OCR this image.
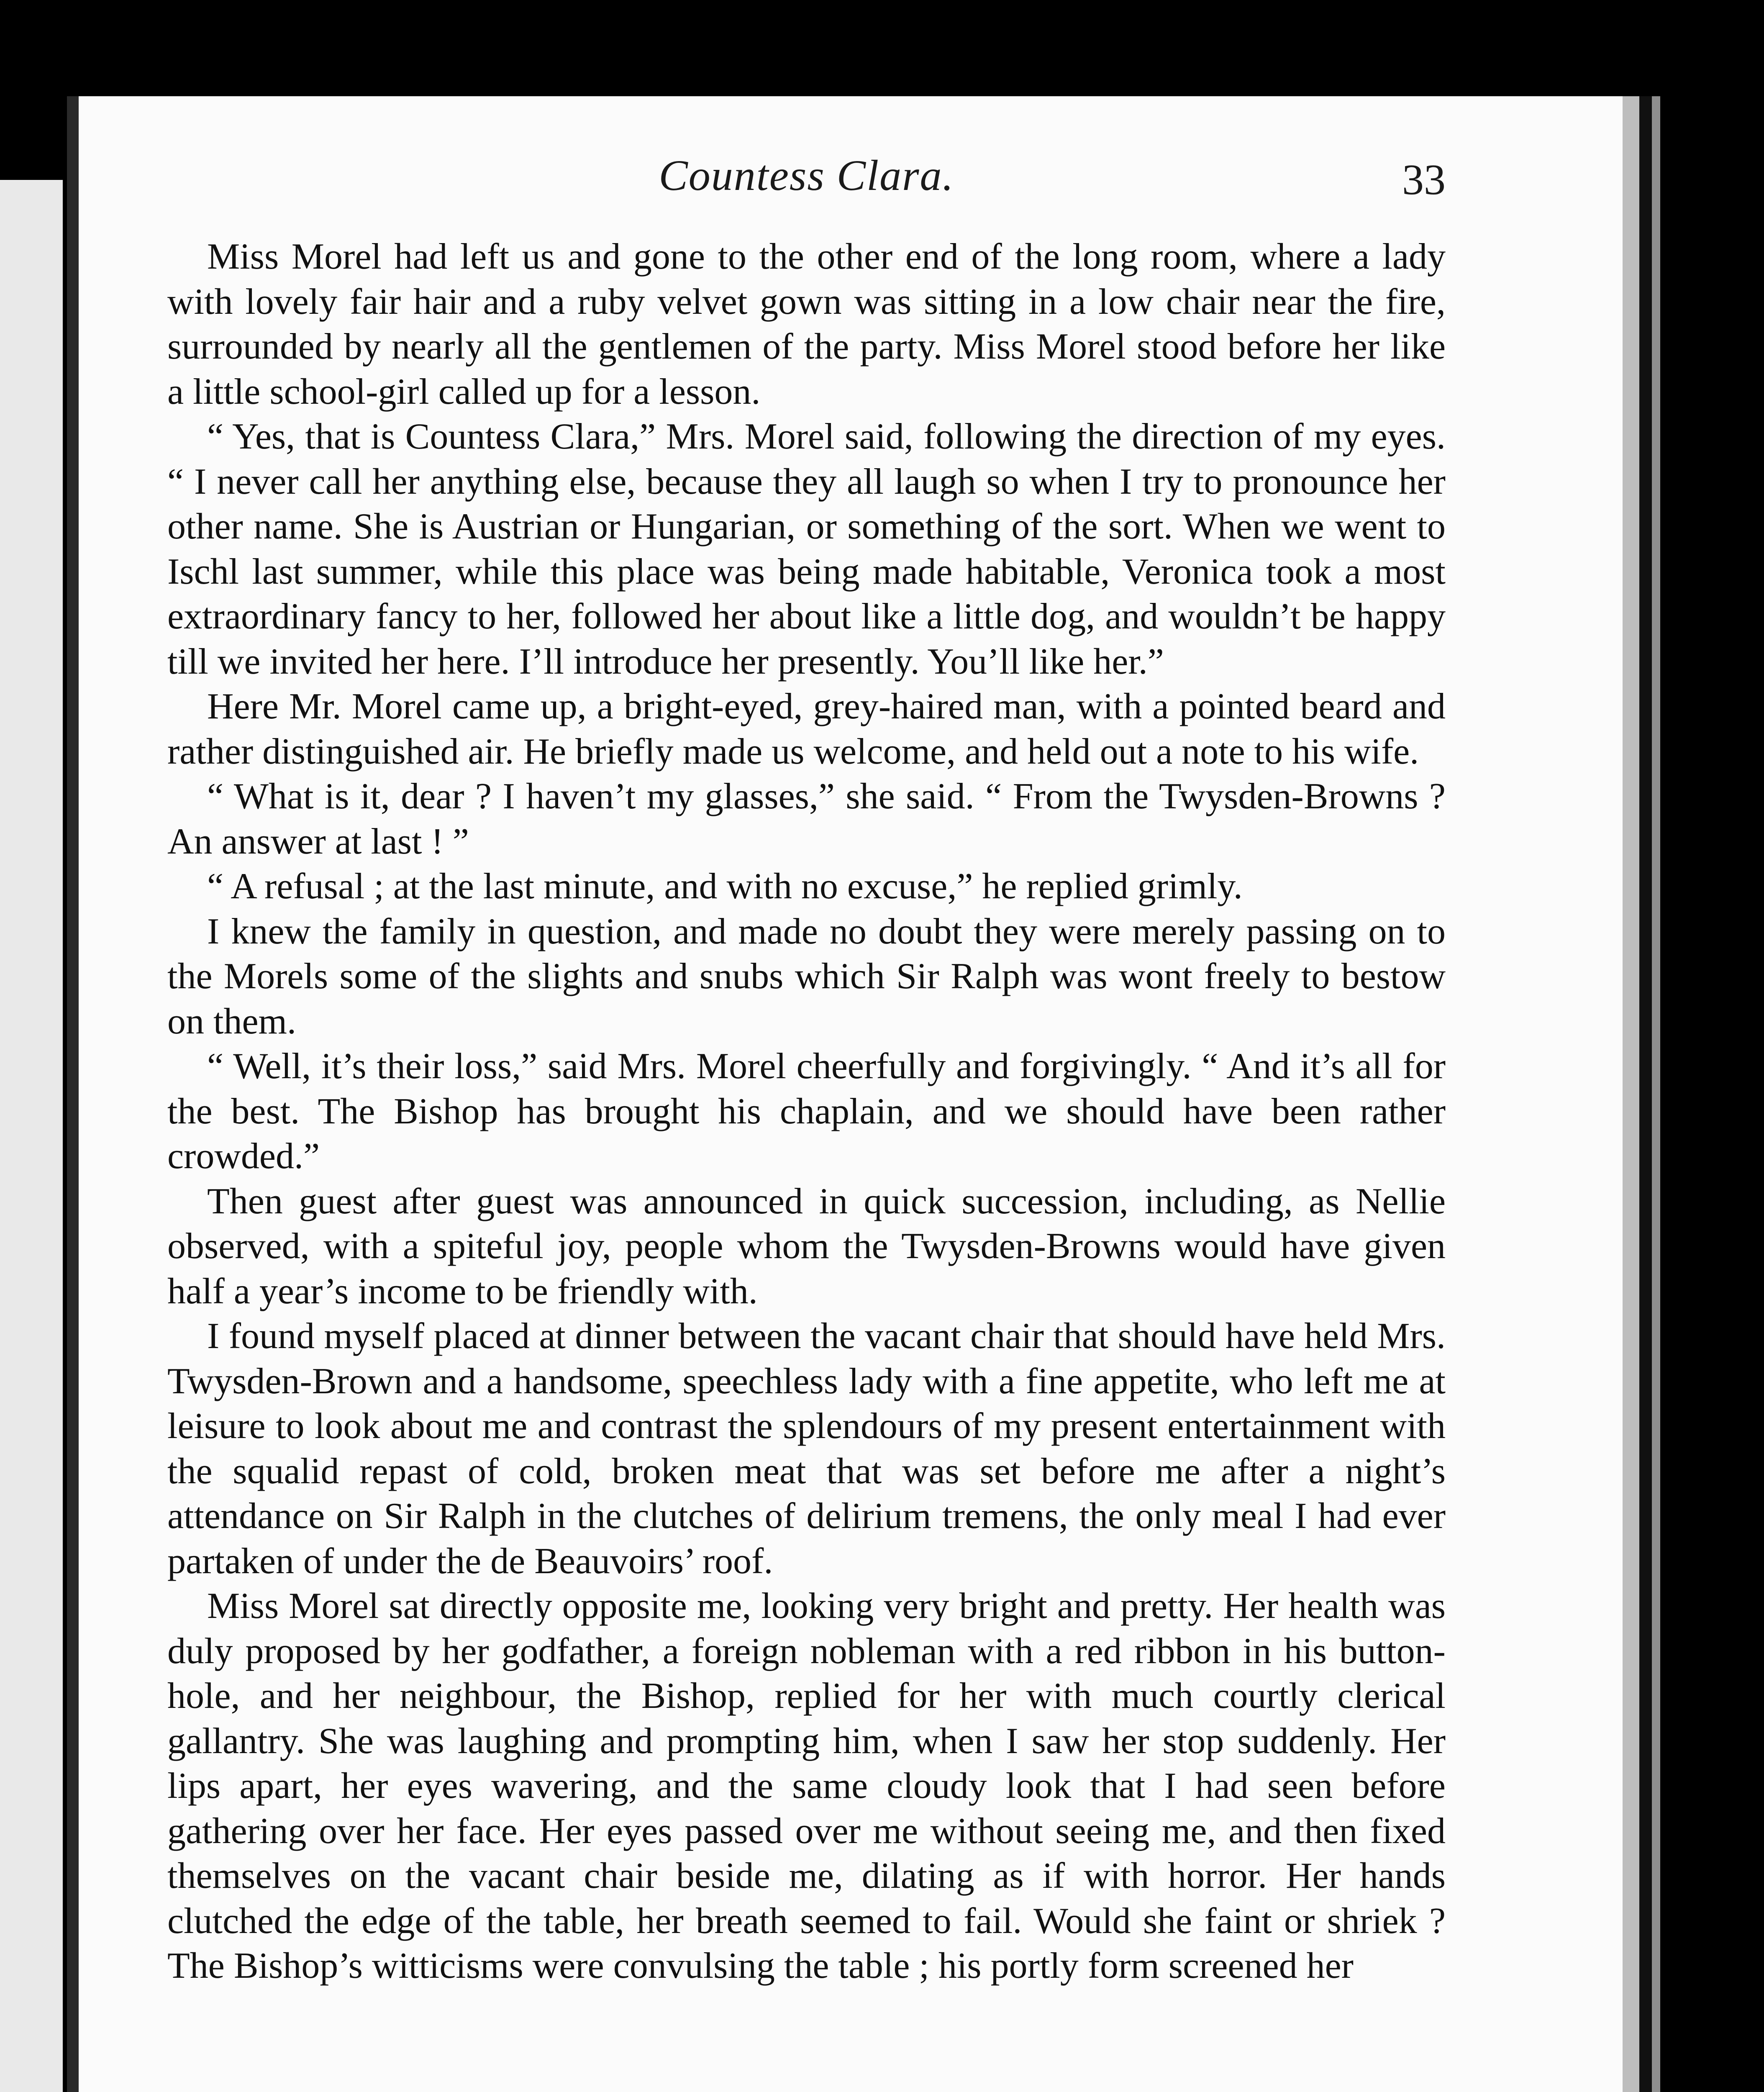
Countess Clara.	33

Miss Morel had left us and gone to the other end of the long room, where a lady with lovely fair hair and a ruby velvet gown was sitting in a low chair near the fire, surrounded by nearly all the gentlemen of the party. Miss Morel stood before her like a little school-girl called up for a lesson.

“ Yes, that is Countess Clara,” Mrs. Morel said, following the direction of my eyes. “ I never call her anything else, because they all laugh so when I try to pronounce her other name. She is Austrian or Hungarian, or something of the sort. When we went to Ischl last summer, while this place was being made habitable, Veronica took a most extraordinary fancy to her, followed her about like a little dog, and wouldn’t be happy till we invited her here. I’ll introduce her presently. You’ll like her.”

Here Mr. Morel came up, a bright-eyed, grey-haired man, with a pointed beard and rather distinguished air. He briefly made us welcome, and held out a note to his wife.

“ What is it, dear ? I haven’t my glasses,” she said. “ From the Twysden-Browns ? An answer at last ! ”

“ A refusal ; at the last minute, and with no excuse,” he replied grimly.

I knew the family in question, and made no doubt they were merely passing on to the Morels some of the slights and snubs which Sir Ralph was wont freely to bestow on them.

“ Well, it’s their loss,” said Mrs. Morel cheerfully and forgivingly. “ And it’s all for the best. The Bishop has brought his chaplain, and we should have been rather crowded.”

Then guest after guest was announced in quick succession, including, as Nellie observed, with a spiteful joy, people whom the Twysden-Browns would have given half a year’s income to be friendly with.

I found myself placed at dinner between the vacant chair that should have held Mrs. Twysden-Brown and a handsome, speechless lady with a fine appetite, who left me at leisure to look about me and contrast the splendours of my present entertainment with the squalid repast of cold, broken meat that was set before me after a night’s attendance on Sir Ralph in the clutches of delirium tremens, the only meal I had ever partaken of under the de Beauvoirs’ roof.

Miss Morel sat directly opposite me, looking very bright and pretty. Her health was duly proposed by her godfather, a foreign nobleman with a red ribbon in his button-hole, and her neighbour, the Bishop, replied for her with much courtly clerical gallantry. She was laughing and prompting him, when I saw her stop suddenly. Her lips apart, her eyes wavering, and the same cloudy look that I had seen before gathering over her face. Her eyes passed over me without seeing me, and then fixed themselves on the vacant chair beside me, dilating as if with horror. Her hands clutched the edge of the table, her breath seemed to fail. Would she faint or shriek ? The Bishop’s witticisms were convulsing the table ; his portly form screened her
